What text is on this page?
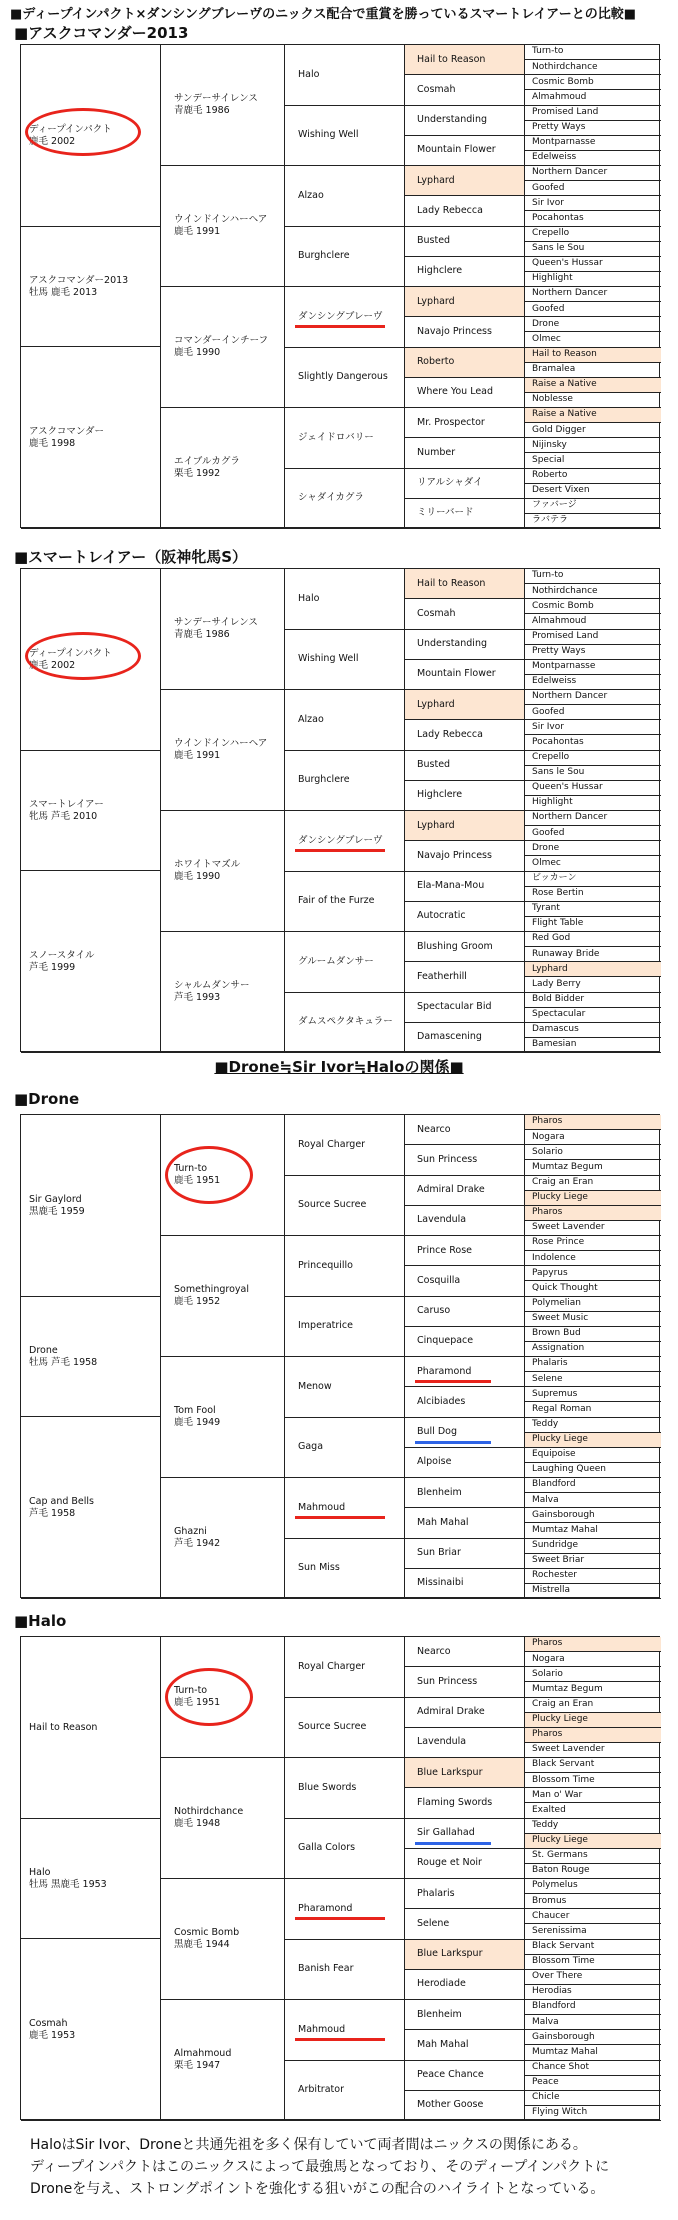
■ディープインパクト×ダンシングブレーヴのニックス配合で重賞を勝っているスマートレイアーとの比較■
■アスクコマンダー2013
ディープインパクト
鹿毛 2002
アスクコマンダー2013
牡馬 鹿毛 2013
アスクコマンダー
鹿毛 1998
サンデーサイレンス
青鹿毛 1986
ウインドインハーヘア
鹿毛 1991
コマンダーインチーフ
鹿毛 1990
エイブルカグラ
栗毛 1992
Halo
Wishing Well
Alzao
Burghclere
ダンシングブレーヴ
Slightly Dangerous
ジェイドロバリー
シャダイカグラ
Hail to Reason
Cosmah
Understanding
Mountain Flower
Lyphard
Lady Rebecca
Busted
Highclere
Lyphard
Navajo Princess
Roberto
Where You Lead
Mr. Prospector
Number
リアルシャダイ
ミリーバード
Turn-to
Nothirdchance
Cosmic Bomb
Almahmoud
Promised Land
Pretty Ways
Montparnasse
Edelweiss
Northern Dancer
Goofed
Sir Ivor
Pocahontas
Crepello
Sans le Sou
Queen's Hussar
Highlight
Northern Dancer
Goofed
Drone
Olmec
Hail to Reason
Bramalea
Raise a Native
Noblesse
Raise a Native
Gold Digger
Nijinsky
Special
Roberto
Desert Vixen
ファバージ
ラバテラ
■スマートレイアー（阪神牝馬S）
ディープインパクト
鹿毛 2002
スマートレイアー
牝馬 芦毛 2010
スノースタイル
芦毛 1999
サンデーサイレンス
青鹿毛 1986
ウインドインハーヘア
鹿毛 1991
ホワイトマズル
鹿毛 1990
シャルムダンサー
芦毛 1993
Halo
Wishing Well
Alzao
Burghclere
ダンシングブレーヴ
Fair of the Furze
グルームダンサー
ダムスペクタキュラー
Hail to Reason
Cosmah
Understanding
Mountain Flower
Lyphard
Lady Rebecca
Busted
Highclere
Lyphard
Navajo Princess
Ela-Mana-Mou
Autocratic
Blushing Groom
Featherhill
Spectacular Bid
Damascening
Turn-to
Nothirdchance
Cosmic Bomb
Almahmoud
Promised Land
Pretty Ways
Montparnasse
Edelweiss
Northern Dancer
Goofed
Sir Ivor
Pocahontas
Crepello
Sans le Sou
Queen's Hussar
Highlight
Northern Dancer
Goofed
Drone
Olmec
ビッカーン
Rose Bertin
Tyrant
Flight Table
Red God
Runaway Bride
Lyphard
Lady Berry
Bold Bidder
Spectacular
Damascus
Bamesian
■Drone≒Sir Ivor≒Haloの関係■
■Drone
Sir Gaylord
黒鹿毛 1959
Drone
牡馬 芦毛 1958
Cap and Bells
芦毛 1958
Turn-to
鹿毛 1951
Somethingroyal
鹿毛 1952
Tom Fool
鹿毛 1949
Ghazni
芦毛 1942
Royal Charger
Source Sucree
Princequillo
Imperatrice
Menow
Gaga
Mahmoud
Sun Miss
Nearco
Sun Princess
Admiral Drake
Lavendula
Prince Rose
Cosquilla
Caruso
Cinquepace
Pharamond
Alcibiades
Bull Dog
Alpoise
Blenheim
Mah Mahal
Sun Briar
Missinaibi
Pharos
Nogara
Solario
Mumtaz Begum
Craig an Eran
Plucky Liege
Pharos
Sweet Lavender
Rose Prince
Indolence
Papyrus
Quick Thought
Polymelian
Sweet Music
Brown Bud
Assignation
Phalaris
Selene
Supremus
Regal Roman
Teddy
Plucky Liege
Equipoise
Laughing Queen
Blandford
Malva
Gainsborough
Mumtaz Mahal
Sundridge
Sweet Briar
Rochester
Mistrella
■Halo
Hail to Reason
Halo
牡馬 黒鹿毛 1953
Cosmah
鹿毛 1953
Turn-to
鹿毛 1951
Nothirdchance
鹿毛 1948
Cosmic Bomb
黒鹿毛 1944
Almahmoud
栗毛 1947
Royal Charger
Source Sucree
Blue Swords
Galla Colors
Pharamond
Banish Fear
Mahmoud
Arbitrator
Nearco
Sun Princess
Admiral Drake
Lavendula
Blue Larkspur
Flaming Swords
Sir Gallahad
Rouge et Noir
Phalaris
Selene
Blue Larkspur
Herodiade
Blenheim
Mah Mahal
Peace Chance
Mother Goose
Pharos
Nogara
Solario
Mumtaz Begum
Craig an Eran
Plucky Liege
Pharos
Sweet Lavender
Black Servant
Blossom Time
Man o' War
Exalted
Teddy
Plucky Liege
St. Germans
Baton Rouge
Polymelus
Bromus
Chaucer
Serenissima
Black Servant
Blossom Time
Over There
Herodias
Blandford
Malva
Gainsborough
Mumtaz Mahal
Chance Shot
Peace
Chicle
Flying Witch
HaloはSir Ivor、Droneと共通先祖を多く保有していて両者間はニックスの関係にある。
ディープインパクトはこのニックスによって最強馬となっており、そのディープインパクトに
Droneを与え、ストロングポイントを強化する狙いがこの配合のハイライトとなっている。
